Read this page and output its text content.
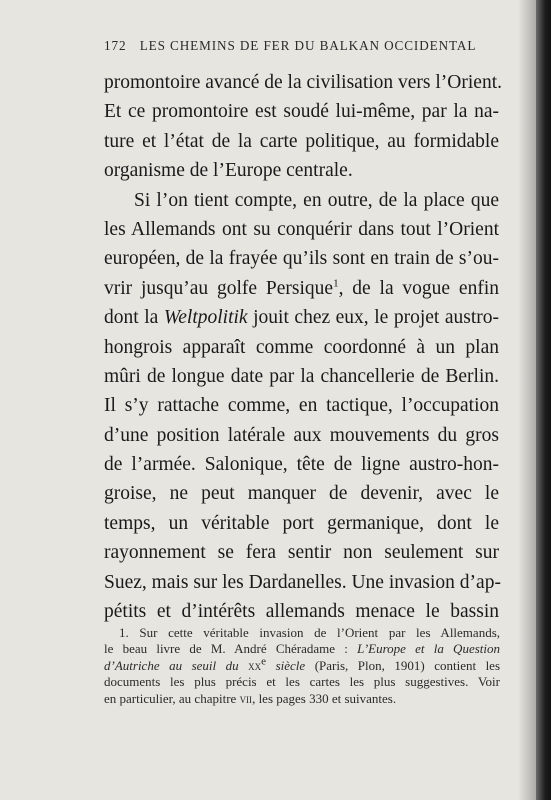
172 LES CHEMINS DE FER DU BALKAN OCCIDENTAL
promontoire avancé de la civilisation vers l’Orient.
Et ce promontoire est soudé lui-même, par la na-
ture et l’état de la carte politique, au formidable
organisme de l’Europe centrale.
Si l’on tient compte, en outre, de la place que
les Allemands ont su conquérir dans tout l’Orient
européen, de la frayée qu’ils sont en train de s’ou-
vrir jusqu’au golfe Persique$^1$, de la vogue enfin
dont la Weltpolitik jouit chez eux, le projet austro-
hongrois apparaît comme coordonné à un plan
mûri de longue date par la chancellerie de Berlin.
Il s’y rattache comme, en tactique, l’occupation
d’une position latérale aux mouvements du gros
de l’armée. Salonique, tête de ligne austro-hon-
groise, ne peut manquer de devenir, avec le
temps, un véritable port germanique, dont le
rayonnement se fera sentir non seulement sur
Suez, mais sur les Dardanelles. Une invasion d’ap-
pétits et d’intérêts allemands menace le bassin
1. Sur cette véritable invasion de l’Orient par les Allemands,
le beau livre de M. André Chéradame : L’Europe et la Question
d’Autriche au seuil du $xx^e$ siècle (Paris, Plon, 1901) contient les
documents les plus précis et les cartes les plus suggestives. Voir
en particulier, au chapitre vii, les pages 330 et suivantes.
